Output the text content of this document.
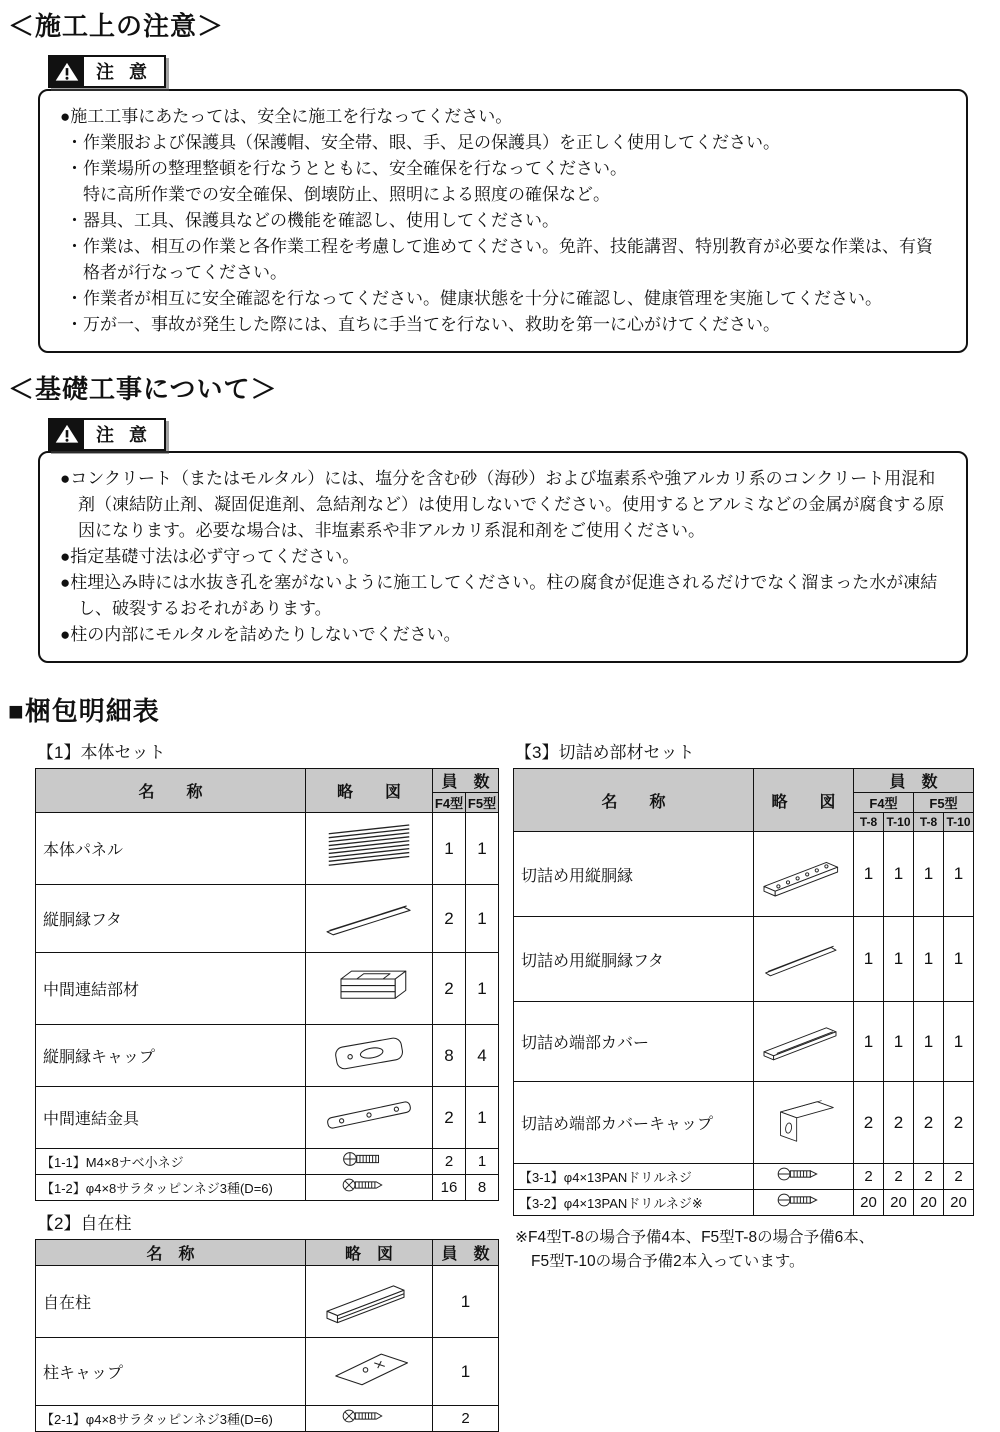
＜施工上の注意＞
注 意
●施工工事にあたっては、安全に施工を行なってください。
・作業服および保護具（保護帽、安全帯、眼、手、足の保護具）を正しく使用してください。
・作業場所の整理整頓を行なうとともに、安全確保を行なってください。
特に高所作業での安全確保、倒壊防止、照明による照度の確保など。
・器具、工具、保護具などの機能を確認し、使用してください。
・作業は、相互の作業と各作業工程を考慮して進めてください。免許、技能講習、特別教育が必要な作業は、有資格者が行なってください。
・作業者が相互に安全確認を行なってください。健康状態を十分に確認し、健康管理を実施してください。
・万が一、事故が発生した際には、直ちに手当てを行ない、救助を第一に心がけてください。
＜基礎工事について＞
注 意
●コンクリート（またはモルタル）には、塩分を含む砂（海砂）および塩素系や強アルカリ系のコンクリート用混和剤（凍結防止剤、凝固促進剤、急結剤など）は使用しないでください。使用するとアルミなどの金属が腐食する原因になります。必要な場合は、非塩素系や非アルカリ系混和剤をご使用ください。
●指定基礎寸法は必ず守ってください。
●柱埋込み時には水抜き孔を塞がないように施工してください。柱の腐食が促進されるだけでなく溜まった水が凍結し、破裂するおそれがあります。
●柱の内部にモルタルを詰めたりしないでください。
■梱包明細表
【1】本体セット
名　　称	略　　図	員　数	
		F4型	F5型
本体パネル		1	1
縦胴縁フタ		2	1
中間連結部材		2	1
縦胴縁キャップ		8	4
中間連結金具		2	1
【1-1】M4×8ナベ小ネジ		2	1
【1-2】φ4×8サラタッピンネジ3種(D=6)		16	8
【2】自在柱
名　称	略　図	員　数
自在柱		1
柱キャップ		1
【2-1】φ4×8サラタッピンネジ3種(D=6)		2
【3】切詰め部材セット
名　　称	略　　図	員　数			
		F4型		F5型	
		T-8	T-10	T-8	T-10
切詰め用縦胴縁		1	1	1	1
切詰め用縦胴縁フタ		1	1	1	1
切詰め端部カバー		1	1	1	1
切詰め端部カバーキャップ		2	2	2	2
【3-1】φ4×13PANドリルネジ		2	2	2	2
【3-2】φ4×13PANドリルネジ※		20	20	20	20
※F4型T-8の場合予備4本、F5型T-8の場合予備6本、
F5型T-10の場合予備2本入っています。
